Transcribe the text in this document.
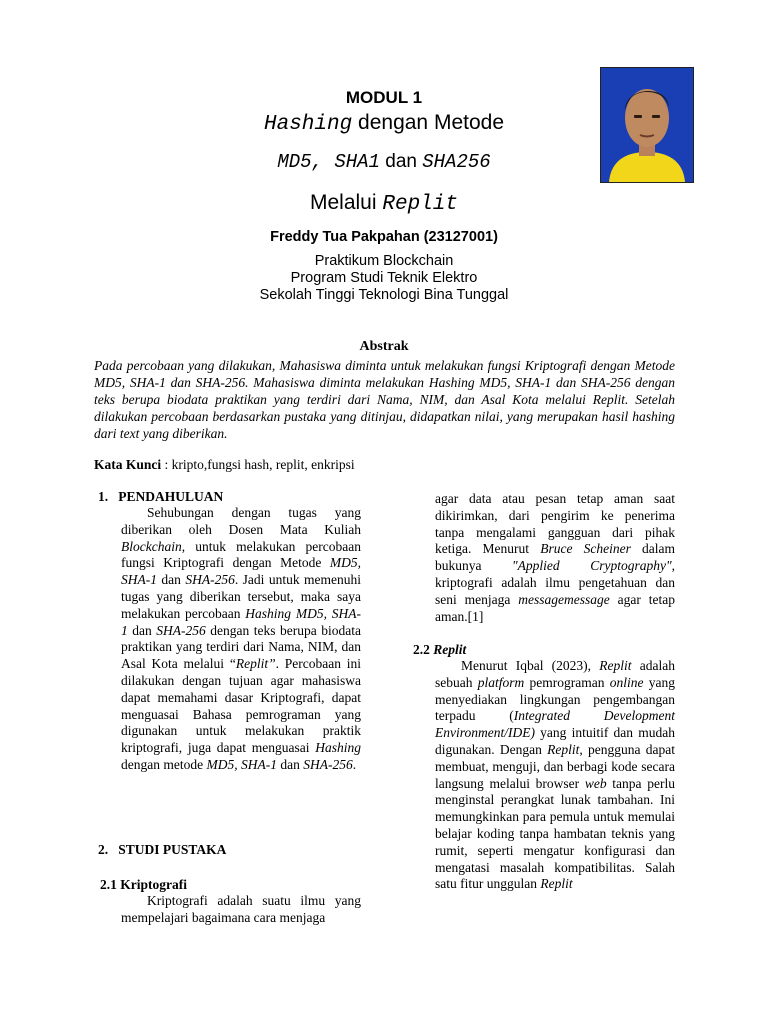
MODUL 1
Hashing dengan Metode
MD5, SHA1 dan SHA256
Melalui Replit
Freddy Tua Pakpahan (23127001)
Praktikum Blockchain
Program Studi Teknik Elektro
Sekolah Tinggi Teknologi Bina Tunggal
Abstrak
Pada percobaan yang dilakukan, Mahasiswa diminta untuk melakukan fungsi Kriptografi dengan Metode MD5, SHA-1 dan SHA-256. Mahasiswa diminta melakukan Hashing MD5, SHA-1 dan SHA-256 dengan teks berupa biodata praktikan yang terdiri dari Nama, NIM, dan Asal Kota melalui Replit. Setelah dilakukan percobaan berdasarkan pustaka yang ditinjau, didapatkan nilai, yang merupakan hasil hashing dari text yang diberikan.
Kata Kunci : kripto,fungsi hash, replit, enkripsi
1.   PENDAHULUAN
Sehubungan dengan tugas yang diberikan oleh Dosen Mata Kuliah Blockchain, untuk melakukan percobaan fungsi Kriptografi dengan Metode MD5, SHA-1 dan SHA-256. Jadi untuk memenuhi tugas yang diberikan tersebut, maka saya melakukan percobaan Hashing MD5, SHA-1 dan SHA-256 dengan teks berupa biodata praktikan yang terdiri dari Nama, NIM, dan Asal Kota melalui “Replit”. Percobaan ini dilakukan dengan tujuan agar mahasiswa dapat memahami dasar Kriptografi, dapat menguasai Bahasa pemrograman yang digunakan untuk melakukan praktik kriptografi, juga dapat menguasai Hashing dengan metode MD5, SHA-1 dan SHA-256.
2.   STUDI PUSTAKA
2.1 Kriptografi
Kriptografi adalah suatu ilmu yang mempelajari bagaimana cara menjaga
agar data atau pesan tetap aman saat dikirimkan, dari pengirim ke penerima tanpa mengalami gangguan dari pihak ketiga. Menurut Bruce Scheiner dalam bukunya "Applied Cryptography", kriptografi adalah ilmu pengetahuan dan seni menjaga messagemessage agar tetap aman.[1]
2.2 Replit
Menurut Iqbal (2023), Replit adalah sebuah platform pemrograman online yang menyediakan lingkungan pengembangan terpadu (Integrated Development Environment/IDE) yang intuitif dan mudah digunakan. Dengan Replit, pengguna dapat membuat, menguji, dan berbagi kode secara langsung melalui browser web tanpa perlu menginstal perangkat lunak tambahan. Ini memungkinkan para pemula untuk memulai belajar koding tanpa hambatan teknis yang rumit, seperti mengatur konfigurasi dan mengatasi masalah kompatibilitas. Salah satu fitur unggulan Replit
